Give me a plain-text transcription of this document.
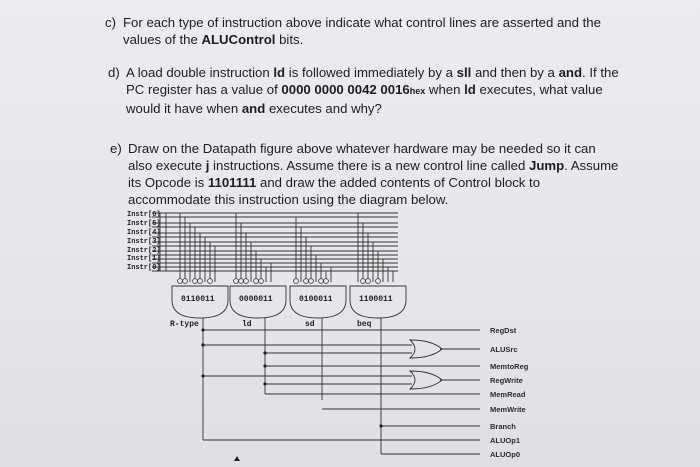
c) For each type of instruction above indicate what control lines are asserted and the
values of the ALUControl bits.
d) A load double instruction ld is followed immediately by a sll and then by a and. If the
PC register has a value of 0000 0000 0042 0016hex when ld executes, what value
would it have when and executes and why?
e) Draw on the Datapath figure above whatever hardware may be needed so it can
also execute j instructions. Assume there is a new control line called Jump. Assume
its Opcode is 1101111 and draw the added contents of Control block to
accommodate this instruction using the diagram below.
Instr[6]
Instr[5]
Instr[4]
Instr[3]
Instr[2]
Instr[1]
Instr[0]
0110011	0000011	0100011	1100011
R-type	ld	sd	beq
RegDst
ALUSrc
MemtoReg
RegWrite
MemRead
MemWrite
Branch
ALUOp1
ALUOp0
